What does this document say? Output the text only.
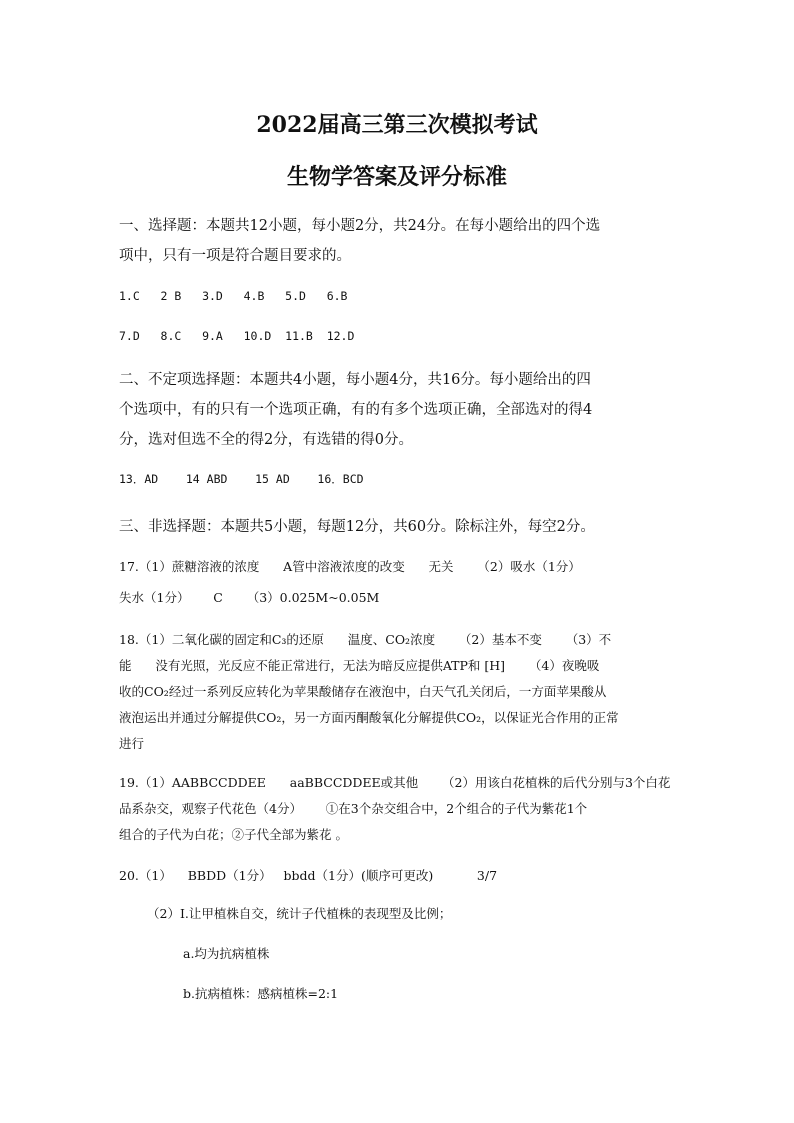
2022届高三第三次模拟考试
生物学答案及评分标准

一、选择题：本题共12小题，每小题2分，共24分。在每小题给出的四个选

项中，只有一项是符合题目要求的。

1.C   2 B   3.D   4.B   5.D   6.B

7.D   8.C   9.A   10.D  11.B  12.D

二、不定项选择题：本题共4小题，每小题4分，共16分。每小题给出的四

个选项中，有的只有一个选项正确，有的有多个选项正确，全部选对的得4

分，选对但选不全的得2分，有选错的得0分。

13．AD    14 ABD    15 AD    16．BCD

三、非选择题：本题共5小题，每题12分，共60分。除标注外，每空2分。

17.（1）蔗糖溶液的浓度      A管中溶液浓度的改变      无关      （2）吸水（1分）

失水（1分）      C      （3）0.025M~0.05M

18.（1）二氧化碳的固定和C₃的还原      温度、CO₂浓度      （2）基本不变      （3）不

能      没有光照，光反应不能正常进行，无法为暗反应提供ATP和 [H]      （4）夜晚吸

收的CO₂经过一系列反应转化为苹果酸储存在液泡中，白天气孔关闭后，一方面苹果酸从

液泡运出并通过分解提供CO₂，另一方面丙酮酸氧化分解提供CO₂，以保证光合作用的正常

进行

19.（1）AABBCCDDEE      aaBBCCDDEE或其他      （2）用该白花植株的后代分别与3个白花

品系杂交，观察子代花色（4分）      ①在3个杂交组合中，2个组合的子代为紫花1个

组合的子代为白花；②子代全部为紫花 。

20.（1）    BBDD（1分）   bbdd（1分）(顺序可更改)           3/7

（2）Ⅰ.让甲植株自交，统计子代植株的表现型及比例；

a.均为抗病植株

b.抗病植株：感病植株=2:1
